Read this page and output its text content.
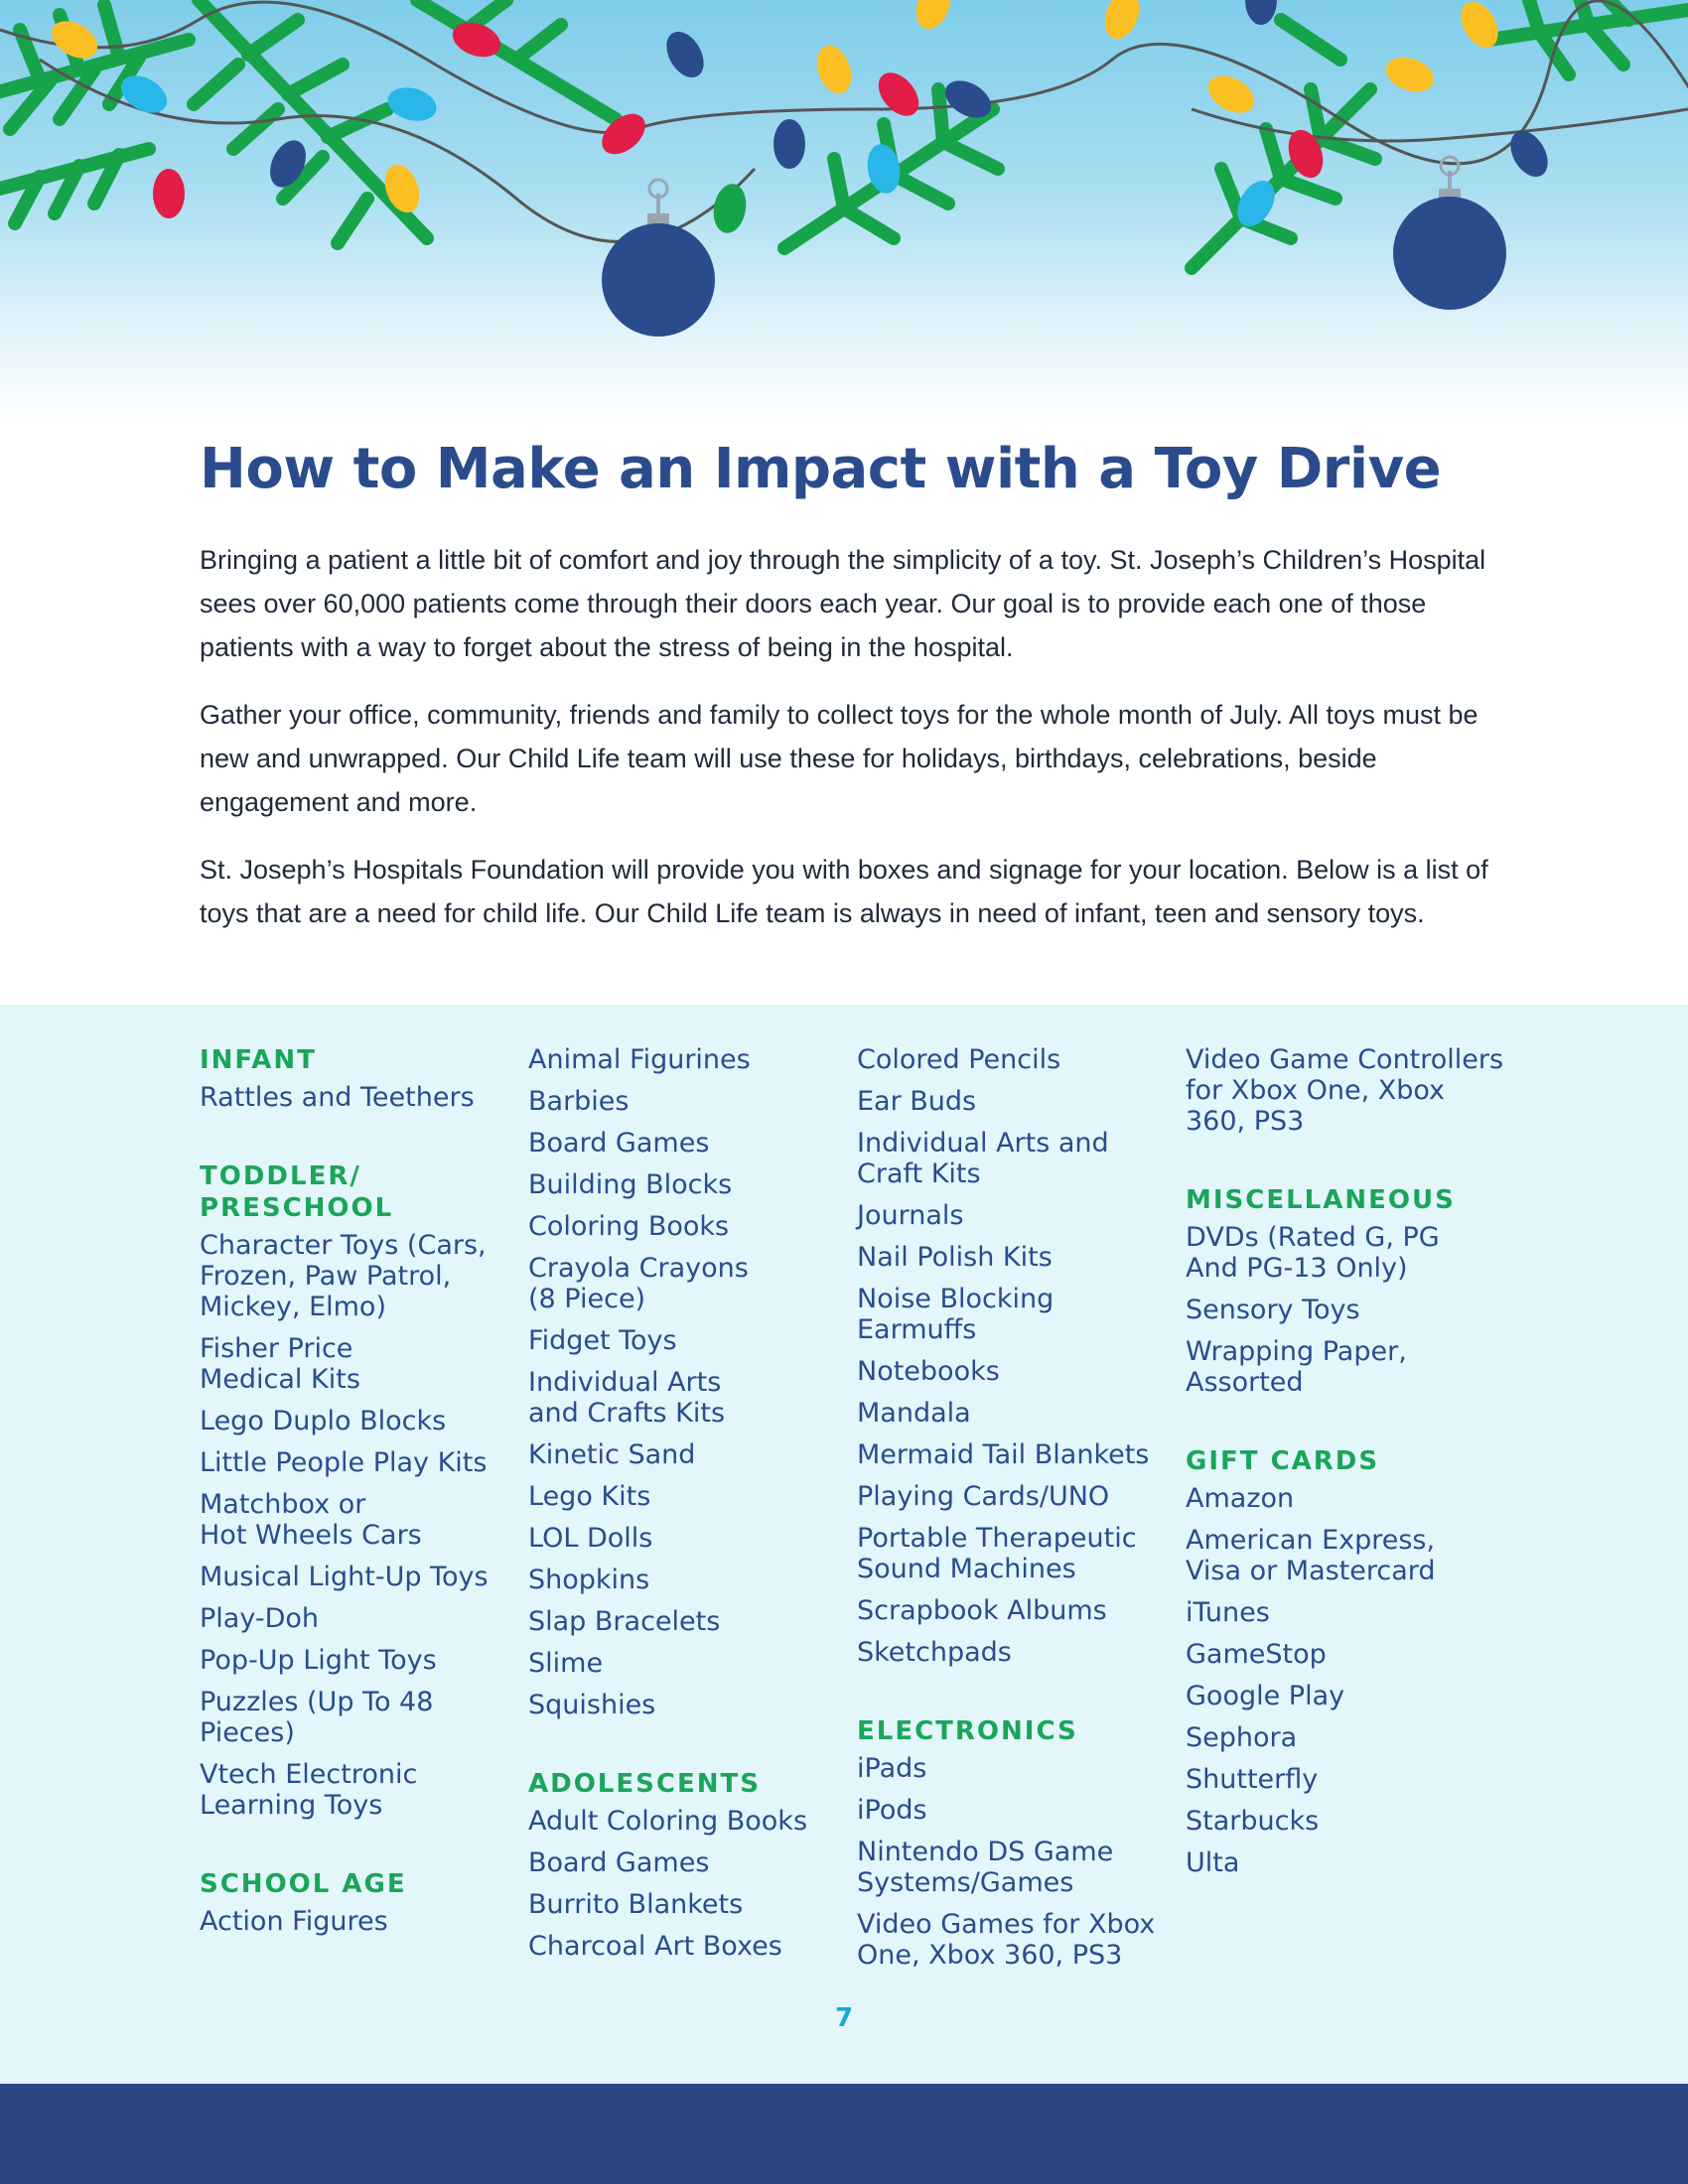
How to Make an Impact with a Toy Drive

Bringing a patient a little bit of comfort and joy through the simplicity of a toy. St. Joseph’s Children’s Hospital sees over 60,000 patients come through their doors each year. Our goal is to provide each one of those patients with a way to forget about the stress of being in the hospital.

Gather your office, community, friends and family to collect toys for the whole month of July. All toys must be new and unwrapped. Our Child Life team will use these for holidays, birthdays, celebrations, beside engagement and more.

St. Joseph’s Hospitals Foundation will provide you with boxes and signage for your location. Below is a list of toys that are a need for child life. Our Child Life team is always in need of infant, teen and sensory toys.

INFANT
Rattles and Teethers
TODDLER/
PRESCHOOL
Character Toys (Cars,
Frozen, Paw Patrol,
Mickey, Elmo)
Fisher Price
Medical Kits
Lego Duplo Blocks
Little People Play Kits
Matchbox or
Hot Wheels Cars
Musical Light-Up Toys
Play-Doh
Pop-Up Light Toys
Puzzles (Up To 48
Pieces)
Vtech Electronic
Learning Toys
SCHOOL AGE
Action Figures
Animal Figurines
Barbies
Board Games
Building Blocks
Coloring Books
Crayola Crayons
(8 Piece)
Fidget Toys
Individual Arts
and Crafts Kits
Kinetic Sand
Lego Kits
LOL Dolls
Shopkins
Slap Bracelets
Slime
Squishies
ADOLESCENTS
Adult Coloring Books
Board Games
Burrito Blankets
Charcoal Art Boxes
Colored Pencils
Ear Buds
Individual Arts and
Craft Kits
Journals
Nail Polish Kits
Noise Blocking
Earmuffs
Notebooks
Mandala
Mermaid Tail Blankets
Playing Cards/UNO
Portable Therapeutic
Sound Machines
Scrapbook Albums
Sketchpads
ELECTRONICS
iPads
iPods
Nintendo DS Game
Systems/Games
Video Games for Xbox
One, Xbox 360, PS3
Video Game Controllers
for Xbox One, Xbox
360, PS3
MISCELLANEOUS
DVDs (Rated G, PG
And PG-13 Only)
Sensory Toys
Wrapping Paper,
Assorted
GIFT CARDS
Amazon
American Express,
Visa or Mastercard
iTunes
GameStop
Google Play
Sephora
Shutterfly
Starbucks
Ulta
7
